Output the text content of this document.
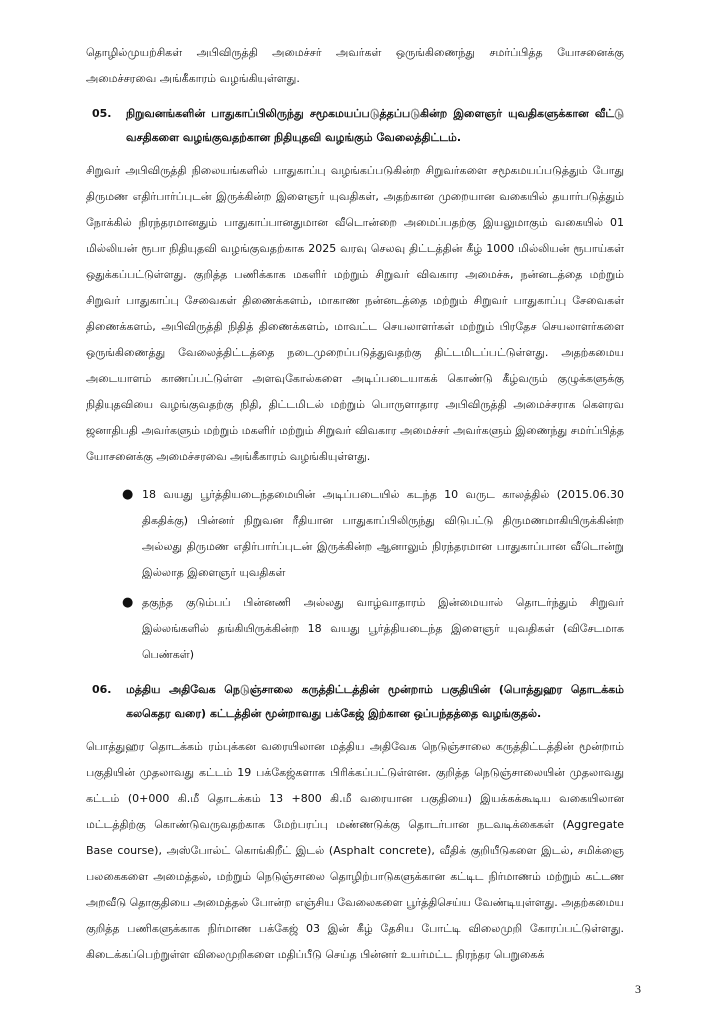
தொழில்முயற்சிகள் அபிவிருத்தி அமைச்சர் அவர்கள் ஒருங்கிணைந்து சமர்ப்பித்த யோசனைக்கு அமைச்சரவை அங்கீகாரம் வழங்கியுள்ளது.

05.	நிறுவனங்களின் பாதுகாப்பிலிருந்து சமூகமயப்படுத்தப்படுகின்ற இளைஞர் யுவதிகளுக்கான வீட்டு வசதிகளை வழங்குவதற்கான நிதியுதவி வழங்கும் வேலைத்திட்டம்.

சிறுவர் அபிவிருத்தி நிலையங்களில் பாதுகாப்பு வழங்கப்படுகின்ற சிறுவர்களை சமூகமயப்படுத்தும் போது திருமண எதிர்பார்ப்புடன் இருக்கின்ற இளைஞர் யுவதிகள், அதற்கான முறையான வகையில் தயார்படுத்தும் நோக்கில் நிரந்தரமானதும் பாதுகாப்பானதுமான வீடொன்றை அமைப்பதற்கு இயலுமாகும் வகையில் 01 மில்லியன் ரூபா நிதியுதவி வழங்குவதற்காக 2025 வரவு செலவு திட்டத்தின் கீழ் 1000 மில்லியன் ரூபாய்கள் ஒதுக்கப்பட்டுள்ளது. குறித்த பணிக்காக மகளிர் மற்றும் சிறுவர் விவகார அமைச்சு, நன்னடத்தை மற்றும் சிறுவர் பாதுகாப்பு சேவைகள் திணைக்களம், மாகாண நன்னடத்தை மற்றும் சிறுவர் பாதுகாப்பு சேவைகள் திணைக்களம், அபிவிருத்தி நிதித் திணைக்களம், மாவட்ட செயலாளர்கள் மற்றும் பிரதேச செயலாளர்களை ஒருங்கிணைத்து வேலைத்திட்டத்தை நடைமுறைப்படுத்துவதற்கு திட்டமிடப்பட்டுள்ளது. அதற்கமைய அடையாளம் காணப்பட்டுள்ள அளவுகோல்களை அடிப்படையாகக் கொண்டு கீழ்வரும் குழுக்களுக்கு நிதியுதவியை வழங்குவதற்கு நிதி, திட்டமிடல் மற்றும் பொருளாதார அபிவிருத்தி அமைச்சராக கௌரவ ஜனாதிபதி அவர்களும் மற்றும் மகளிர் மற்றும் சிறுவர் விவகார அமைச்சர் அவர்களும் இணைந்து சமர்ப்பித்த யோசனைக்கு அமைச்சரவை அங்கீகாரம் வழங்கியுள்ளது.

● 18 வயது பூர்த்தியடைந்தமையின் அடிப்படையில் கடந்த 10 வருட காலத்தில் (2015.06.30 திகதிக்கு) பின்னர் நிறுவன ரீதியான பாதுகாப்பிலிருந்து விடுபட்டு திருமணமாகியிருக்கின்ற அல்லது திருமண எதிர்பார்ப்புடன் இருக்கின்ற ஆனாலும் நிரந்தரமான பாதுகாப்பான வீடொன்று இல்லாத இளைஞர் யுவதிகள்
● தகுந்த குடும்பப் பின்னணி அல்லது வாழ்வாதாரம் இன்மையால் தொடர்ந்தும் சிறுவர் இல்லங்களில் தங்கியிருக்கின்ற 18 வயது பூர்த்தியடைந்த இளைஞர் யுவதிகள் (விசேடமாக பெண்கள்)
06.	மத்திய அதிவேக நெடுஞ்சாலை கருத்திட்டத்தின் மூன்றாம் பகுதியின் (பொத்துஹர தொடக்கம் கலகெதர வரை) கட்டத்தின் மூன்றாவது பக்கேஜ் இற்கான ஒப்பந்தத்தை வழங்குதல்.

பொத்துஹர தொடக்கம் ரம்புக்கன வரையிலான மத்திய அதிவேக நெடுஞ்சாலை கருத்திட்டத்தின் மூன்றாம் பகுதியின் முதலாவது கட்டம் 19 பக்கேஜ்களாக பிரிக்கப்பட்டுள்ளன. குறித்த நெடுஞ்சாலையின் முதலாவது கட்டம் (0+000 கி.மீ தொடக்கம் 13 +800 கி.மீ வரையான பகுதியை) இயக்கக்கூடிய வகையிலான மட்டத்திற்கு கொண்டுவருவதற்காக மேற்பரப்பு மண்ணடுக்கு தொடர்பான நடவடிக்கைகள் (Aggregate Base course), அஸ்போல்ட் கொங்கிறீட் இடல் (Asphalt concrete), வீதிக் குறியீடுகளை இடல், சமிக்ஞை பலகைகளை அமைத்தல், மற்றும் நெடுஞ்சாலை தொழிற்பாடுகளுக்கான கட்டிட நிர்மாணம் மற்றும் கட்டண அறவீடு தொகுதியை அமைத்தல் போன்ற எஞ்சிய வேலைகளை பூர்த்திசெய்ய வேண்டியுள்ளது. அதற்கமைய குறித்த பணிகளுக்காக நிர்மாண பக்கேஜ் 03 இன் கீழ் தேசிய போட்டி விலைமுறி கோரப்பட்டுள்ளது. கிடைக்கப்பெற்றுள்ள விலைமுறிகளை மதிப்பீடு செய்த பின்னர் உயர்மட்ட நிரந்தர பெறுகைக்

3
